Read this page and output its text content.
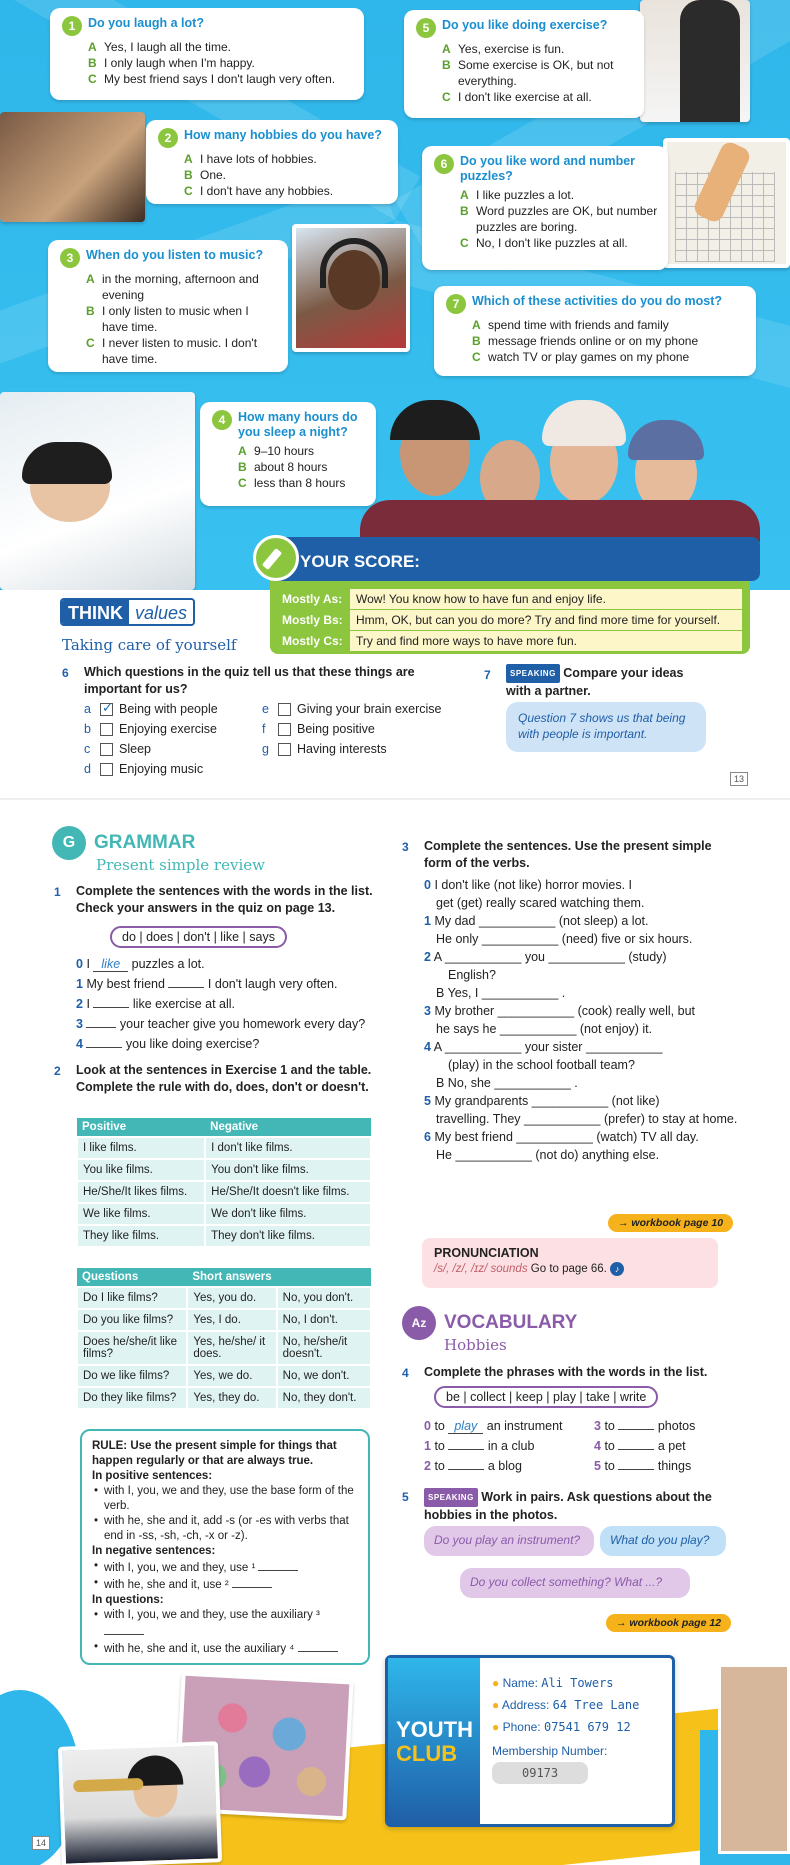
1	Do you laugh a lot?
A Yes, I laugh all the time.
B I only laugh when I'm happy.
C My best friend says I don't laugh very often.
2	How many hobbies do you have?
A I have lots of hobbies.
B One.
C I don't have any hobbies.
3	When do you listen to music?
A in the morning, afternoon and evening
B I only listen to music when I have time.
C I never listen to music. I don't have time.
4	How many hours do you sleep a night?
A 9–10 hours
B about 8 hours
C less than 8 hours
5	Do you like doing exercise?
A Yes, exercise is fun.
B Some exercise is OK, but not everything.
C I don't like exercise at all.
6	Do you like word and number puzzles?
A I like puzzles a lot.
B Word puzzles are OK, but number puzzles are boring.
C No, I don't like puzzles at all.
7	Which of these activities do you do most?
A spend time with friends and family
B message friends online or on my phone
C watch TV or play games on my phone
Mostly As:	Wow! You know how to have fun and enjoy life.
Mostly Bs:	Hmm, OK, but can you do more? Try and find more time for yourself.
Mostly Cs:	Try and find more ways to have more fun.
YOUR SCORE:
THINK values
Taking care of yourself
6 Which questions in the quiz tell us that these things are important for us?
a ✓ Being with people
b Enjoying exercise
c	Sleep
d Enjoying music
e Giving your brain exercise
f	Being positive
g Having interests
7	SPEAKING Compare your ideas with a partner.
Question 7 shows us that being with people is important.
13
G GRAMMAR
Present simple review
1 Complete the sentences with the words in the list. Check your answers in the quiz on page 13.
do | does | don't | like | says
0 I like puzzles a lot.
1 My best friend	I don't laugh very often.
2 I	like exercise at all.
3	your teacher give you homework every day?
4	you like doing exercise?
2 Look at the sentences in Exercise 1 and the table. Complete the rule with do, does, don't or doesn't.
Positive	Negative
I like films.	I don't like films.
You like films.	You don't like films.
He/She/It likes films.	He/She/It doesn't like films.
We like films.	We don't like films.
They like films.	They don't like films.
Questions	Short answers	
Do I like films?	Yes, you do.	No, you don't.
Do you like films?	Yes, I do.	No, I don't.
Does he/she/it like films?	Yes, he/she/ it does.	No, he/she/it doesn't.
Do we like films?	Yes, we do.	No, we don't.
Do they like films?	Yes, they do.	No, they don't.
RULE: Use the present simple for things that happen regularly or that are always true.
In positive sentences:
• with I, you, we and they, use the base form of the verb.
• with he, she and it, add -s (or -es with verbs that end in -ss, -sh, -ch, -x or -z).
In negative sentences:
• with I, you, we and they, use ¹
• with he, she and it, use ²
In questions:
• with I, you, we and they, use the auxiliary ³
• with he, she and it, use the auxiliary ⁴
3 Complete the sentences. Use the present simple form of the verbs.
0 I don't like (not like) horror movies. I
get (get) really scared watching them.
1 My dad ___________ (not sleep) a lot.
He only ___________ (need) five or six hours.
2 A ___________ you ___________ (study)
English?
B Yes, I ___________ .
3 My brother ___________ (cook) really well, but
he says he ___________ (not enjoy) it.
4 A ___________ your sister ___________
(play) in the school football team?
B No, she ___________ .
5 My grandparents ___________ (not like)
travelling. They ___________ (prefer) to stay at home.
6 My best friend ___________ (watch) TV all day.
He ___________ (not do) anything else.
→ workbook page 10
PRONUNCIATION
/s/, /z/, /ɪz/ sounds Go to page 66. ♪
Az VOCABULARY
Hobbies
4 Complete the phrases with the words in the list.
be | collect | keep | play | take | write
0 to play an instrument
1 to	in a club
2 to	a blog
3 to	photos
4 to	a pet
5 to	things
5	SPEAKING Work in pairs. Ask questions about the hobbies in the photos.
Do you play an instrument?	What do you play?
Do you collect something? What ...?
→ workbook page 12
YOUTH
CLUB
● Name: Ali Towers
● Address: 64 Tree Lane
● Phone: 07541 679 12
Membership Number:
09173
14
